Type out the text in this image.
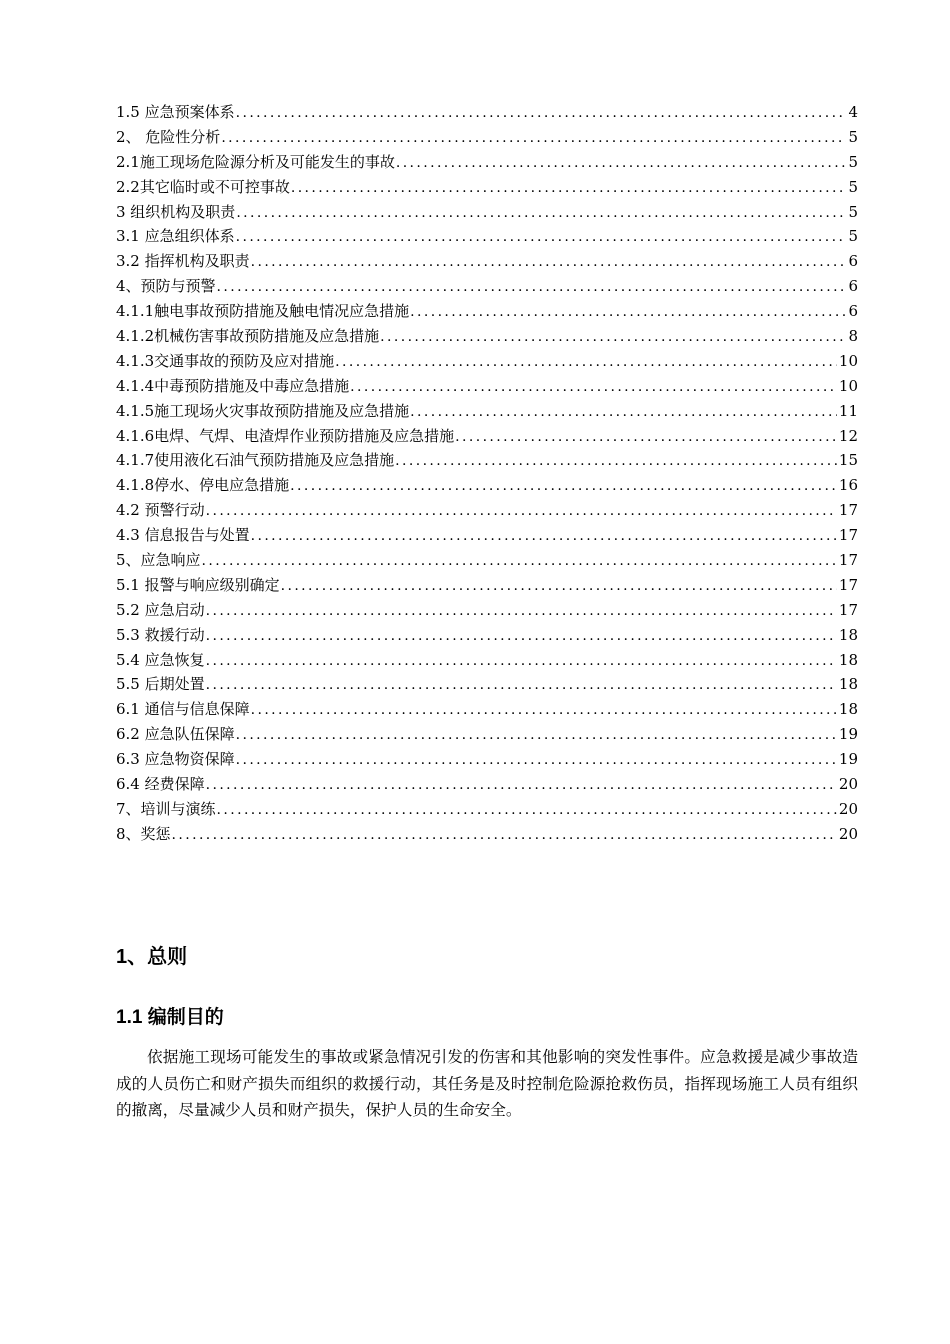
1.5 应急预案体系 .....	4
2、 危险性分析 .....	5
2.1施工现场危险源分析及可能发生的事故 .....	5
2.2其它临时或不可控事故 .....	5
3 组织机构及职责 .....	5
3.1 应急组织体系 .....	5
3.2 指挥机构及职责 .....	6
4、预防与预警 .....	6
4.1.1触电事故预防措施及触电情况应急措施 .....	6
4.1.2机械伤害事故预防措施及应急措施 .....	8
4.1.3交通事故的预防及应对措施 .....	10
4.1.4中毒预防措施及中毒应急措施 .....	10
4.1.5施工现场火灾事故预防措施及应急措施 .....	11
4.1.6电焊、气焊、电渣焊作业预防措施及应急措施 .....	12
4.1.7使用液化石油气预防措施及应急措施 .....	15
4.1.8停水、停电应急措施 .....	16
4.2 预警行动 .....	17
4.3 信息报告与处置 .....	17
5、应急响应 .....	17
5.1 报警与响应级别确定 .....	17
5.2 应急启动 .....	17
5.3 救援行动 .....	18
5.4 应急恢复 .....	18
5.5 后期处置 .....	18
6.1 通信与信息保障 .....	18
6.2 应急队伍保障 .....	19
6.3 应急物资保障 .....	19
6.4 经费保障 .....	20
7、培训与演练 .....	20
8、奖惩 .....	20
1、总则
1.1 编制目的
依据施工现场可能发生的事故或紧急情况引发的伤害和其他影响的突发性事件。应急救援是减少事故造成的人员伤亡和财产损失而组织的救援行动，其任务是及时控制危险源抢救伤员，指挥现场施工人员有组织的撤离，尽量减少人员和财产损失，保护人员的生命安全。
